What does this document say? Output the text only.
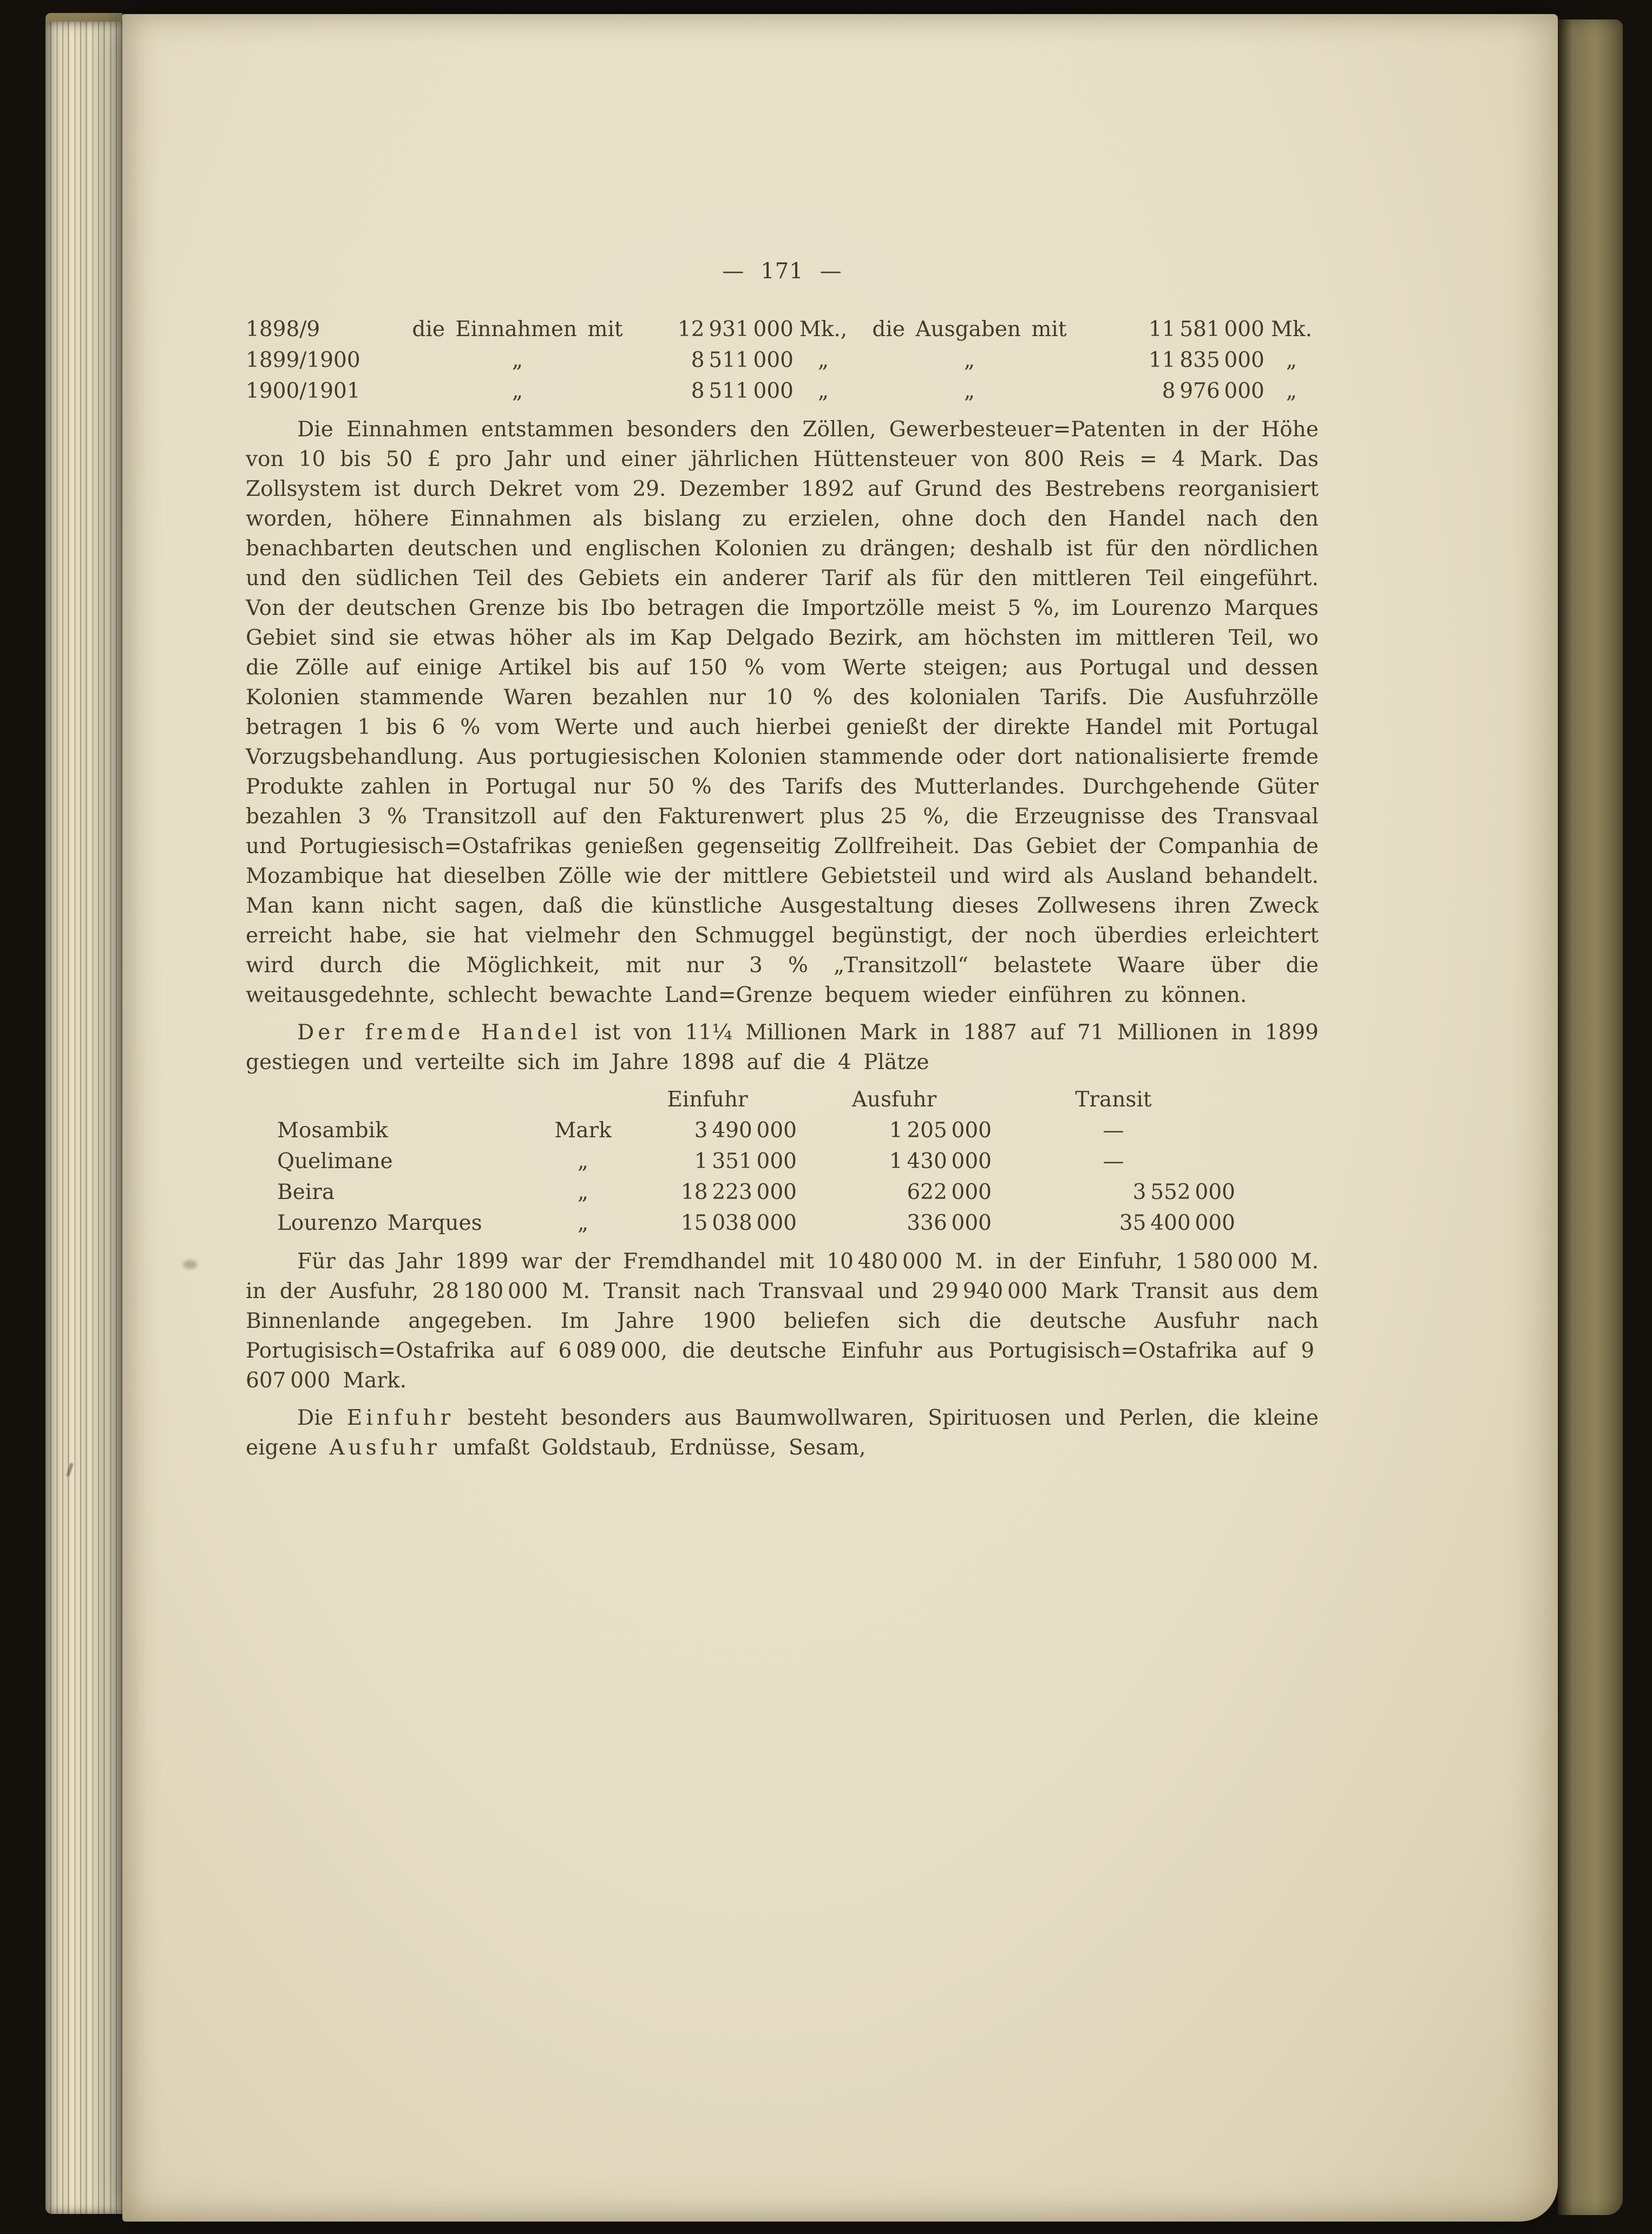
— 171 —
1898/9	die Einnahmen mit	12 931 000	Mk.,	die Ausgaben mit	11 581 000	Mk.
1899/1900	„	8 511 000	„	„	11 835 000	„
1900/1901	„	8 511 000	„	„	8 976 000	„

Die Einnahmen entstammen besonders den Zöllen, Gewerbesteuer=Patenten in der Höhe von 10 bis 50 £ pro Jahr und einer jährlichen Hüttensteuer von 800 Reis = 4 Mark. Das Zollsystem ist durch Dekret vom 29. Dezember 1892 auf Grund des Bestrebens reorganisiert worden, höhere Einnahmen als bislang zu erzielen, ohne doch den Handel nach den benachbarten deutschen und englischen Kolonien zu drängen; deshalb ist für den nördlichen und den südlichen Teil des Gebiets ein anderer Tarif als für den mittleren Teil eingeführt. Von der deutschen Grenze bis Ibo betragen die Importzölle meist 5 %, im Lourenzo Marques Gebiet sind sie etwas höher als im Kap Delgado Bezirk, am höchsten im mittleren Teil, wo die Zölle auf einige Artikel bis auf 150 % vom Werte steigen; aus Portugal und dessen Kolonien stammende Waren bezahlen nur 10 % des kolonialen Tarifs. Die Ausfuhrzölle betragen 1 bis 6 % vom Werte und auch hierbei genießt der direkte Handel mit Portugal Vorzugsbehandlung. Aus portugiesischen Kolonien stammende oder dort nationalisierte fremde Produkte zahlen in Portugal nur 50 % des Tarifs des Mutterlandes. Durchgehende Güter bezahlen 3 % Transitzoll auf den Fakturenwert plus 25 %, die Erzeugnisse des Transvaal und Portugiesisch=Ostafrikas genießen gegenseitig Zollfreiheit. Das Gebiet der Companhia de Mozambique hat dieselben Zölle wie der mittlere Gebietsteil und wird als Ausland behandelt. Man kann nicht sagen, daß die künstliche Ausgestaltung dieses Zollwesens ihren Zweck erreicht habe, sie hat vielmehr den Schmuggel begünstigt, der noch überdies erleichtert wird durch die Möglichkeit, mit nur 3 % „Transitzoll“ belastete Waare über die weitausgedehnte, schlecht bewachte Land=Grenze bequem wieder einführen zu können.

Der fremde Handel ist von 11¼ Millionen Mark in 1887 auf 71 Millionen in 1899 gestiegen und verteilte sich im Jahre 1898 auf die 4 Plätze

		Einfuhr	Ausfuhr	Transit
Mosambik	Mark	3 490 000	1 205 000	—
Quelimane	„	1 351 000	1 430 000	—
Beira	„	18 223 000	622 000	3 552 000
Lourenzo Marques	„	15 038 000	336 000	35 400 000

Für das Jahr 1899 war der Fremdhandel mit 10 480 000 M. in der Einfuhr, 1 580 000 M. in der Ausfuhr, 28 180 000 M. Transit nach Transvaal und 29 940 000 Mark Transit aus dem Binnenlande angegeben. Im Jahre 1900 beliefen sich die deutsche Ausfuhr nach Portugisisch=Ostafrika auf 6 089 000, die deutsche Einfuhr aus Portugisisch=Ostafrika auf 9 607 000 Mark.

Die Einfuhr besteht besonders aus Baumwollwaren, Spirituosen und Perlen, die kleine eigene Ausfuhr umfaßt Goldstaub, Erdnüsse, Sesam,
